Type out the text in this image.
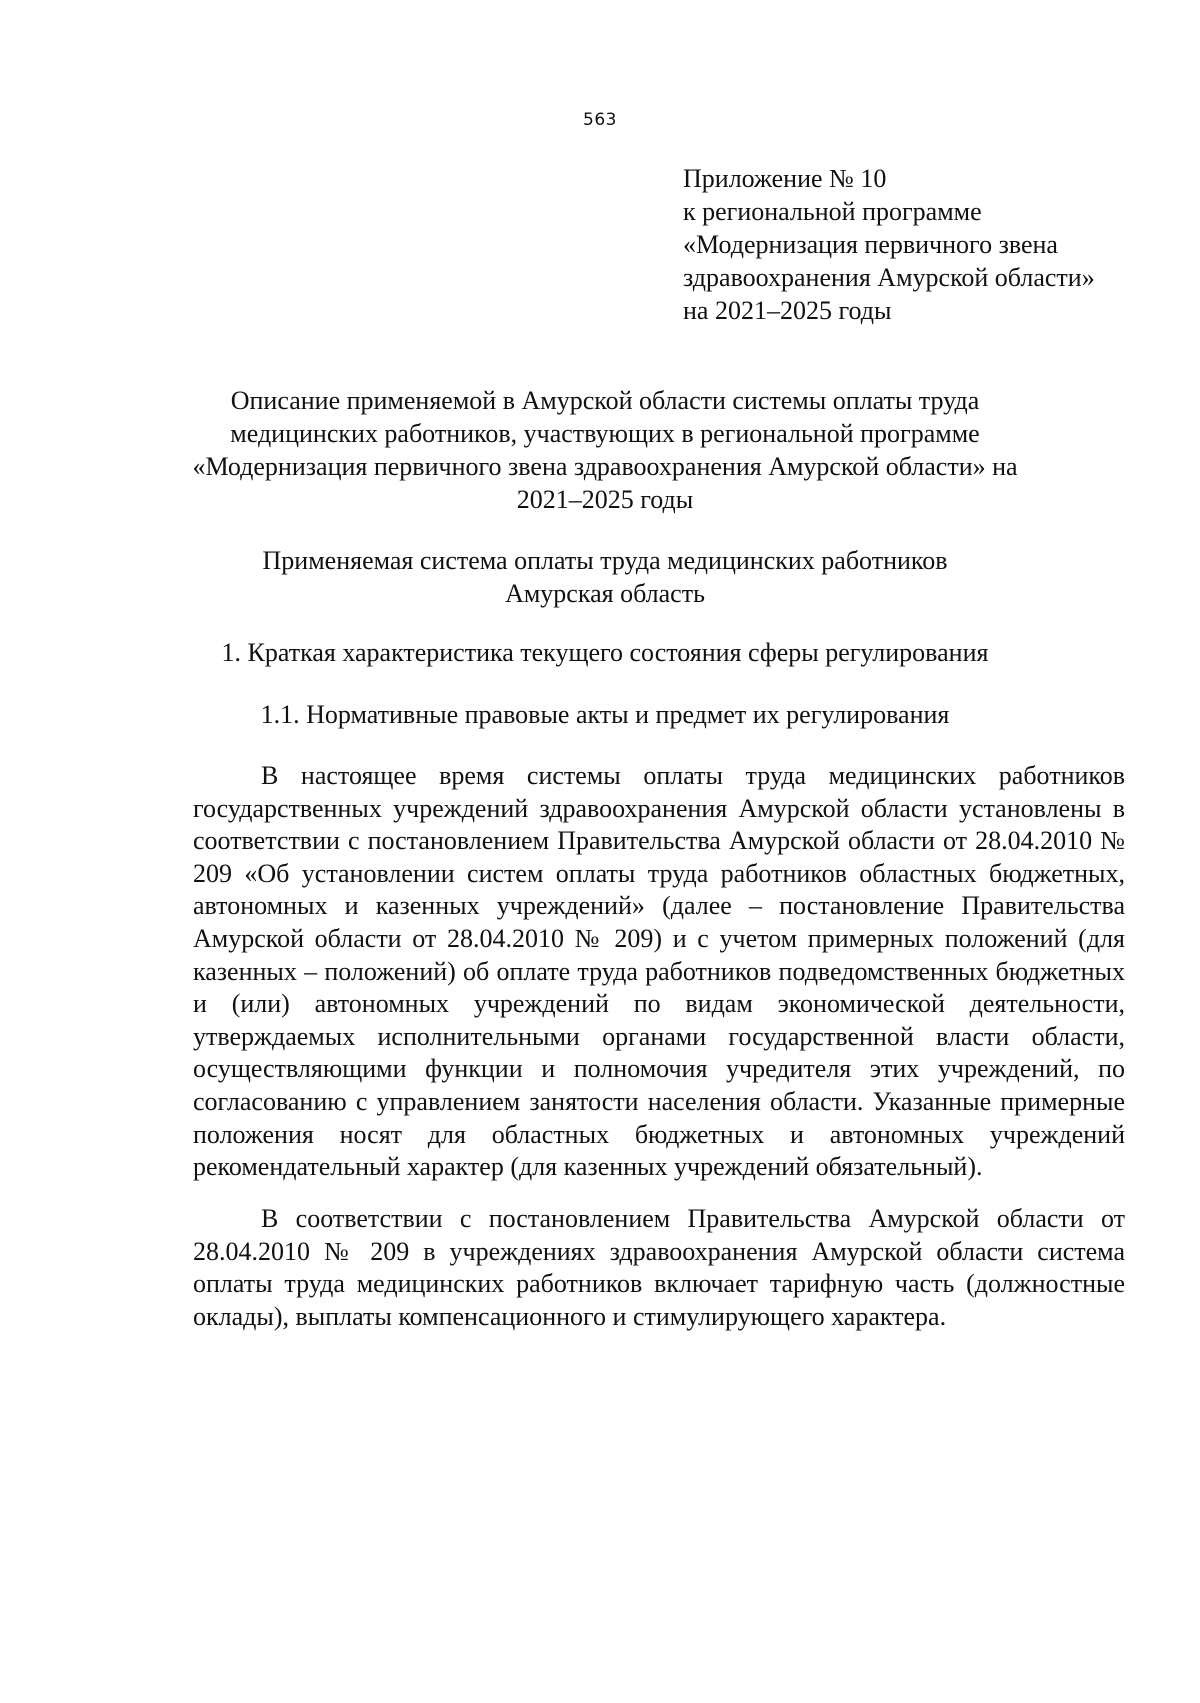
563
Приложение № 10
к региональной программе
«Модернизация первичного звена
здравоохранения Амурской области»
на 2021–2025 годы
Описание применяемой в Амурской области системы оплаты труда
медицинских работников, участвующих в региональной программе
«Модернизация первичного звена здравоохранения Амурской области» на
2021–2025 годы
Применяемая система оплаты труда медицинских работников
Амурская область
1. Краткая характеристика текущего состояния сферы регулирования
1.1. Нормативные правовые акты и предмет их регулирования

В настоящее время системы оплаты труда медицинских работников государственных учреждений здравоохранения Амурской области установлены в соответствии с постановлением Правительства Амурской области от 28.04.2010 № 209 «Об установлении систем оплаты труда работников областных бюджетных, автономных и казенных учреждений» (далее – постановление Правительства Амурской области от 28.04.2010 № 209) и с учетом примерных положений (для казенных – положений) об оплате труда работников подведомственных бюджетных и (или) автономных учреждений по видам экономической деятельности, утверждаемых исполнительными органами государственной власти области, осуществляющими функции и полномочия учредителя этих учреждений, по согласованию с управлением занятости населения области. Указанные примерные положения носят для областных бюджетных и автономных учреждений рекомендательный характер (для казенных учреждений обязательный).

В соответствии с постановлением Правительства Амурской области от 28.04.2010 № 209 в учреждениях здравоохранения Амурской области система оплаты труда медицинских работников включает тарифную часть (должностные оклады), выплаты компенсационного и стимулирующего характера.
